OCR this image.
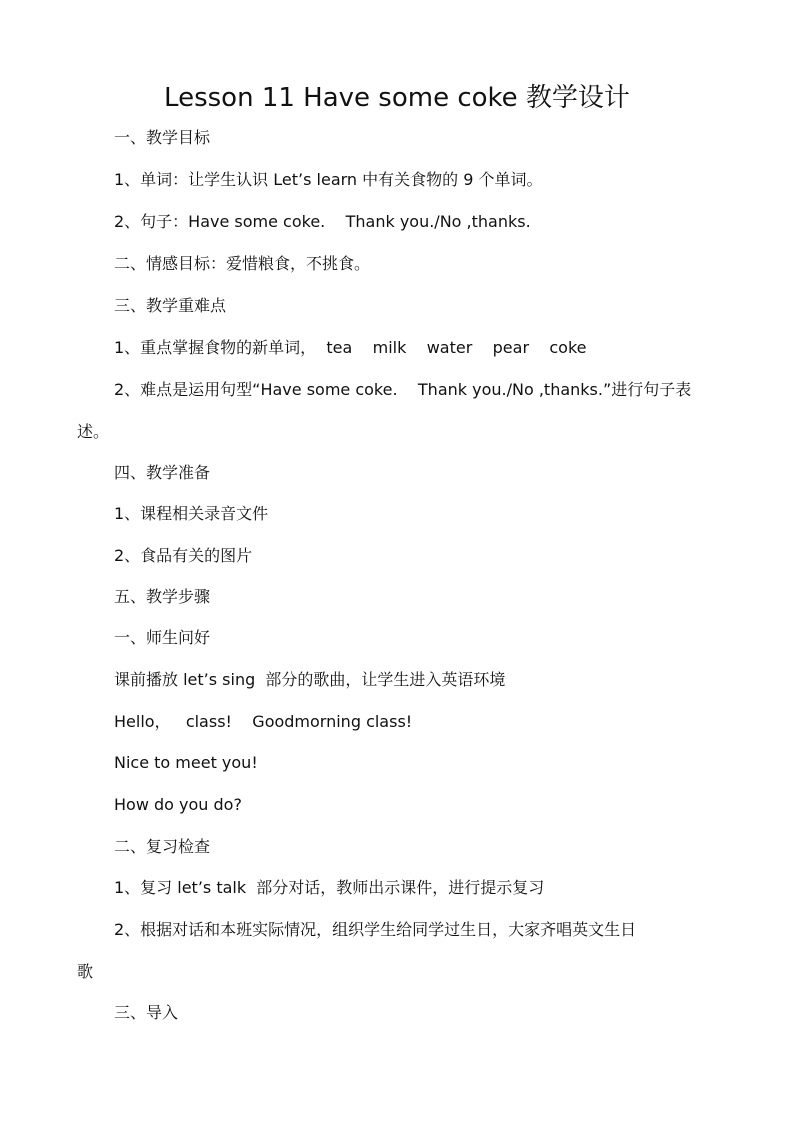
Lesson 11 Have some coke 教学设计
一、教学目标
1、单词：让学生认识 Let’s learn 中有关食物的 9 个单词。
2、句子：Have some coke.    Thank you./No ,thanks.
二、情感目标：爱惜粮食，不挑食。
三、教学重难点
1、重点掌握食物的新单词，  tea    milk    water    pear    coke
2、难点是运用句型“Have some coke.    Thank you./No ,thanks.”进行句子表
述。
四、教学准备
1、课程相关录音文件
2、食品有关的图片
五、教学步骤
一、师生问好
课前播放 let’s sing  部分的歌曲，让学生进入英语环境
Hello，   class!    Goodmorning class!
Nice to meet you!
How do you do?
二、复习检查
1、复习 let’s talk  部分对话，教师出示课件，进行提示复习
2、根据对话和本班实际情况，组织学生给同学过生日，大家齐唱英文生日
歌
三、导入
